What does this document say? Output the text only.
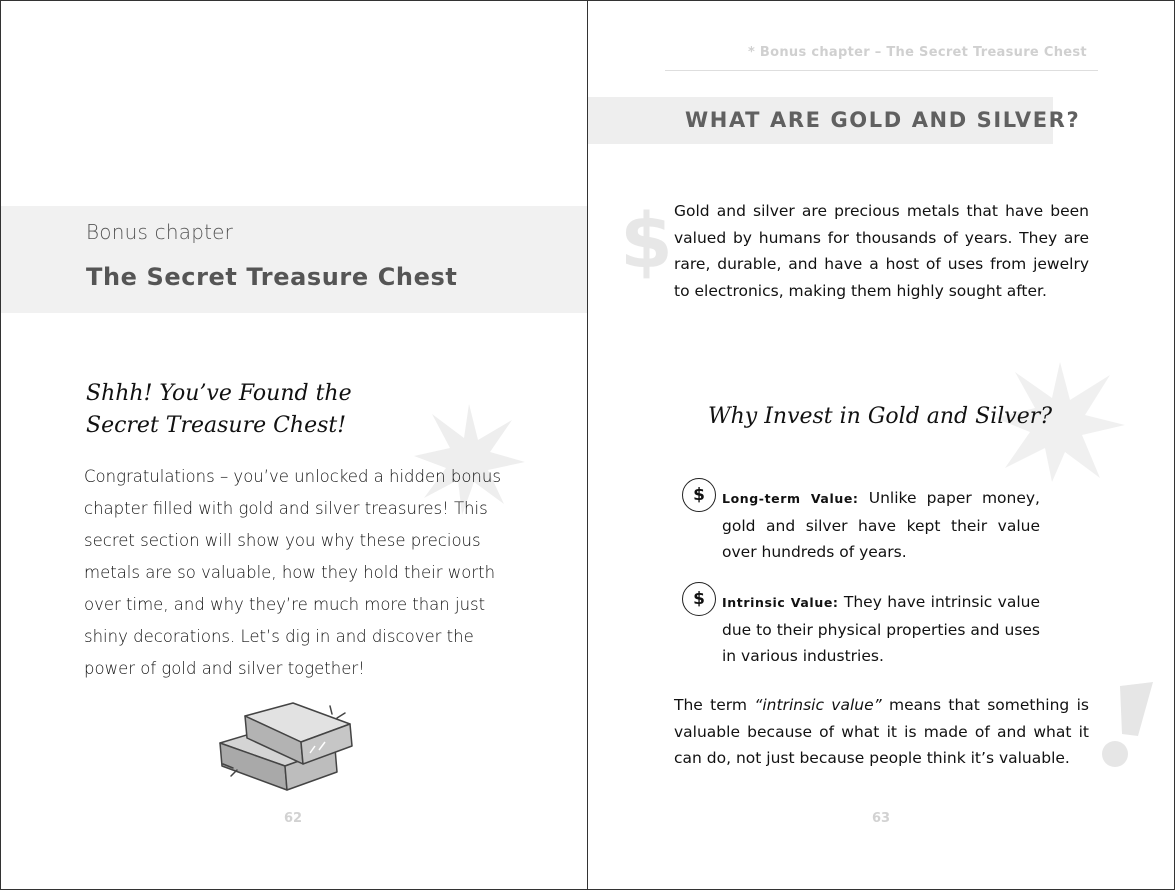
Bonus chapter
The Secret Treasure Chest
Shhh! You’ve Found the Secret Treasure Chest!
Congratulations – you’ve unlocked a hidden bonus chapter filled with gold and silver treasures! This secret section will show you why these precious metals are so valuable, how they hold their worth over time, and why they’re much more than just shiny decorations. Let’s dig in and discover the power of gold and silver together!
62
* Bonus chapter – The Secret Treasure Chest
WHAT ARE GOLD AND SILVER?
$ Gold and silver are precious metals that have been valued by humans for thousands of years. They are rare, durable, and have a host of uses from jewelry to electronics, making them highly sought after.
Why Invest in Gold and Silver?
$	Long-term Value: Unlike paper money, gold and silver have kept their value over hundreds of years.
$	Intrinsic Value: They have intrinsic value due to their physical properties and uses in various industries.
The term “intrinsic value” means that something is valuable because of what it is made of and what it can do, not just because people think it’s valuable.
63
